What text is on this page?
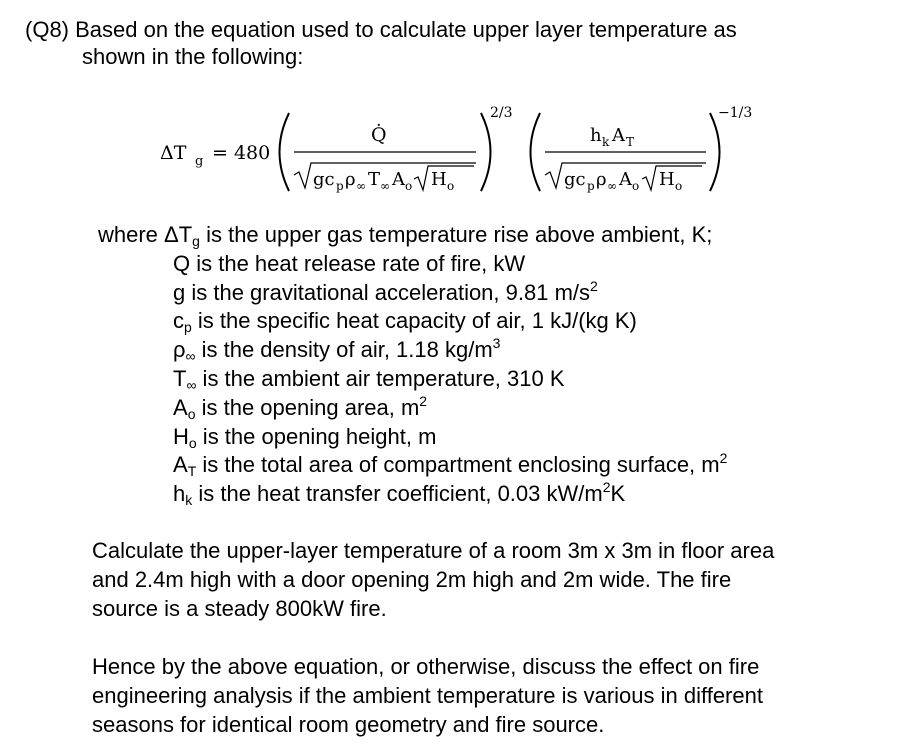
(Q8) Based on the equation used to calculate upper layer temperature as
shown in the following:
ΔT g = 480
Q̇
gc p ρ ∞ T ∞ A o H o
2/3
h k A T
gc p ρ ∞ A o H o
−1/3
where $\Delta T_g$ is the upper gas temperature rise above ambient, K;
Q is the heat release rate of fire, kW
g is the gravitational acceleration, 9.81 $m/s^2$
$c_p$ is the specific heat capacity of air, 1 kJ/(kg K)
$\rho_\infty$ is the density of air, 1.18 $kg/m^3$
$T_\infty$ is the ambient air temperature, 310 K
$A_o$ is the opening area, $m^2$
$H_o$ is the opening height, m
$A_T$ is the total area of compartment enclosing surface, $m^2$
$h_k$ is the heat transfer coefficient, 0.03 $kW/m^2K$
Calculate the upper-layer temperature of a room 3m x 3m in floor area
and 2.4m high with a door opening 2m high and 2m wide. The fire
source is a steady 800kW fire.
Hence by the above equation, or otherwise, discuss the effect on fire
engineering analysis if the ambient temperature is various in different
seasons for identical room geometry and fire source.
